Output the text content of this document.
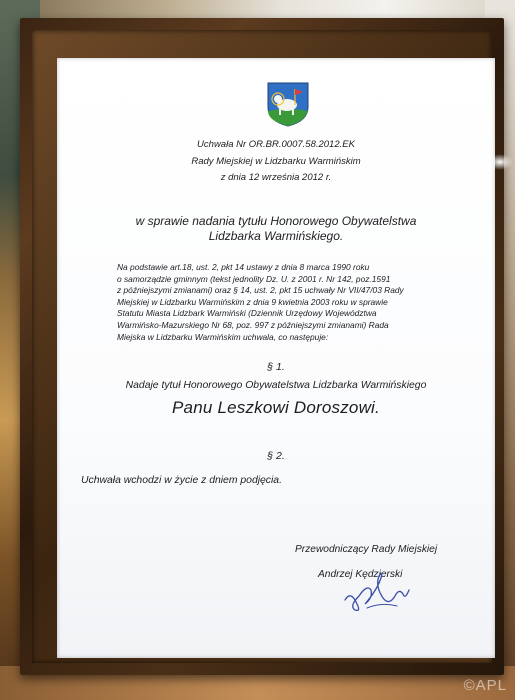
Uchwała Nr OR.BR.0007.58.2012.EK
Rady Miejskiej w Lidzbarku Warmińskim
z dnia 12 września 2012 r.
w sprawie nadania tytułu Honorowego Obywatelstwa
Lidzbarka Warmińskiego.
Na podstawie art.18, ust. 2, pkt 14 ustawy z dnia 8 marca 1990 roku
o samorządzie gminnym (tekst jednolity Dz. U. z 2001 r. Nr 142, poz.1591
z późniejszymi zmianami) oraz § 14, ust. 2, pkt 15 uchwały Nr VII/47/03 Rady
Miejskiej w Lidzbarku Warmińskim z dnia 9 kwietnia 2003 roku w sprawie
Statutu Miasta Lidzbark Warmiński (Dziennik Urzędowy Województwa
Warmińsko-Mazurskiego Nr 68, poz. 997 z późniejszymi zmianami) Rada
Miejska w Lidzbarku Warmińskim uchwala, co następuje:
§ 1.
Nadaje tytuł Honorowego Obywatelstwa Lidzbarka Warmińskiego
Panu Leszkowi Doroszowi.
§ 2.
Uchwała wchodzi w życie z dniem podjęcia.
Przewodniczący Rady Miejskiej
Andrzej Kędzierski
©APL
